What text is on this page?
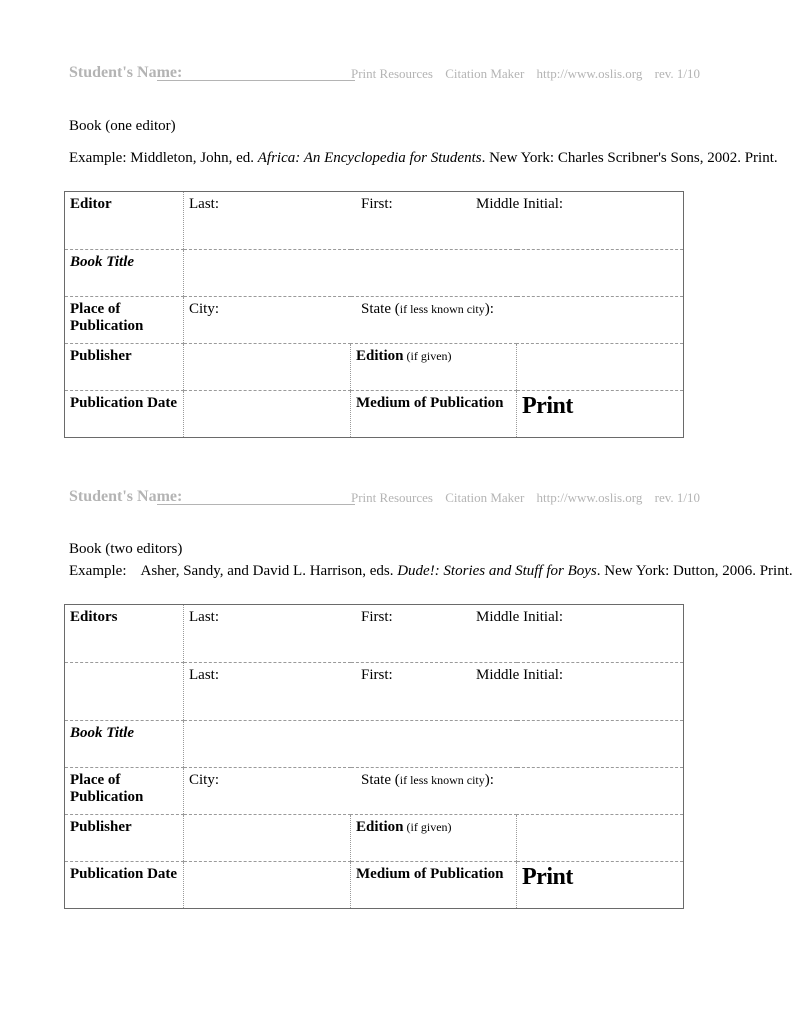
Student's Name:	Print Resources Citation Maker http://www.oslis.org rev. 1/10
Book (one editor)
Example: Middleton, John, ed. Africa: An Encyclopedia for Students. New York: Charles Scribner's Sons, 2002. Print.
Editor	Last: First: Middle Initial:		

Book Title			
Place of Publication	City: State (if less known city):		

Publisher		Edition (if given)	
Publication Date		Medium of Publication	Print
Student's Name:	Print Resources Citation Maker http://www.oslis.org rev. 1/10
Book (two editors)
Example: Asher, Sandy, and David L. Harrison, eds. Dude!: Stories and Stuff for Boys. New York: Dutton, 2006. Print.
Editors	Last: First: Middle Initial:		

	Last: First: Middle Initial:		

Book Title			
Place of Publication	City: State (if less known city):		

Publisher		Edition (if given)	
Publication Date		Medium of Publication	Print
